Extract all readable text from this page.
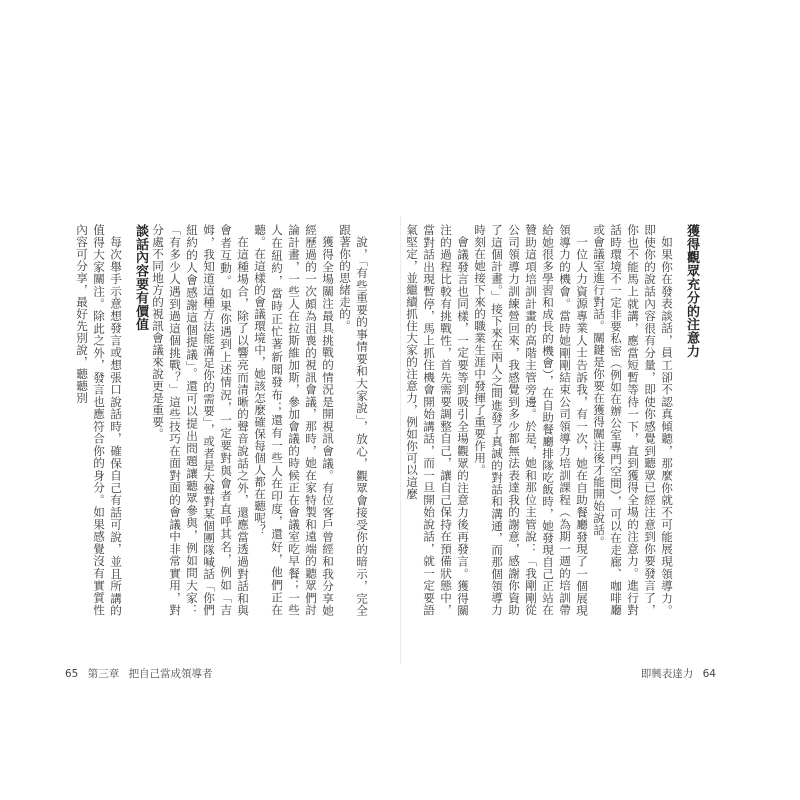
獲得觀眾充分的注意力

如果你在發表談話，員工卻不認真傾聽，那麼你就不可能展現領導力。即使你的說話內容很有分量，即使你感覺到聽眾已經注意到你要發言了，你也不能馬上就講，應當短暫等待一下，直到獲得全場的注意力。進行對話時環境不一定非要私密（例如在辦公室專門空間），可以在走廊、咖啡廳或會議室進行對話。關鍵是你要在獲得關注後才能開始說話。

一位人力資源專業人士告訴我，有一次，她在自助餐廳發現了一個展現領導力的機會。當時她剛剛結束公司領導力培訓課程（為期一週的培訓帶給她很多學習和成長的機會），在自助餐廳排隊吃飯時，她發現自己正站在贊助這項培訓計畫的高階主管旁邊。於是，她和那位主管說：「我剛剛從公司領導力訓練營回來，我感覺到多少都無法表達我的謝意，感謝你資助了這個計畫。」接下來在兩人之間進發了真誠的對話和溝通，而那個領導力時刻在她接下來的職業生涯中發揮了重要作用。

會議發言也同樣，一定要等到吸引全場觀眾的注意力後再發言。獲得關注的過程比較有挑戰性，首先需要調整自己，讓自己保持在預備狀態中，當對話出現暫停，馬上抓住機會開始講話，而一旦開始說話，就一定要語氣堅定，並繼續抓住大家的注意力，例如你可以這麼

說，「有些重要的事情要和大家說」，放心，觀眾會接受你的暗示，完全跟著你的思緒走的。

獲得全場關注最具挑戰的情況是開視訊會議。有位客戶曾經和我分享她經歷過的一次頗為沮喪的視訊會議，那時，她在家特製和遠端的聽眾們討論計畫，一些人在拉斯維加斯，參加會議的時候正在會議室吃早餐；一些人在紐約，當時正忙著新聞發布；還有一些人在印度，還好，他們正在聽。在這樣的會議環境中，她該怎麼確保每個人都在聽呢？

在這種場合，除了以響亮而清晰的聲音說話之外，還應當透過對話和與會者互動。如果你遇到上述情況，一定要對與會者直呼其名，例如「吉姆，我知道這種方法能滿足你的需要」，或者是大聲對某個團隊喊話「你們紐約的人會感謝這個提議」。還可以提出問題讓聽眾參與，例如問大家：「有多少人遇到過這個挑戰？」這些技巧在面對面的會議中非常實用，對分處不同地方的視訊會議來說更是重要。

談話內容要有價值

每次舉手示意想發言或想張口說話時，確保自己有話可說，並且所講的值得大家關注。除此之外，發言也應符合你的身分。如果感覺沒有實質性內容可分享，最好先別說，聽聽別

65 第三章 把自己當成領導者	即興表達力 64
